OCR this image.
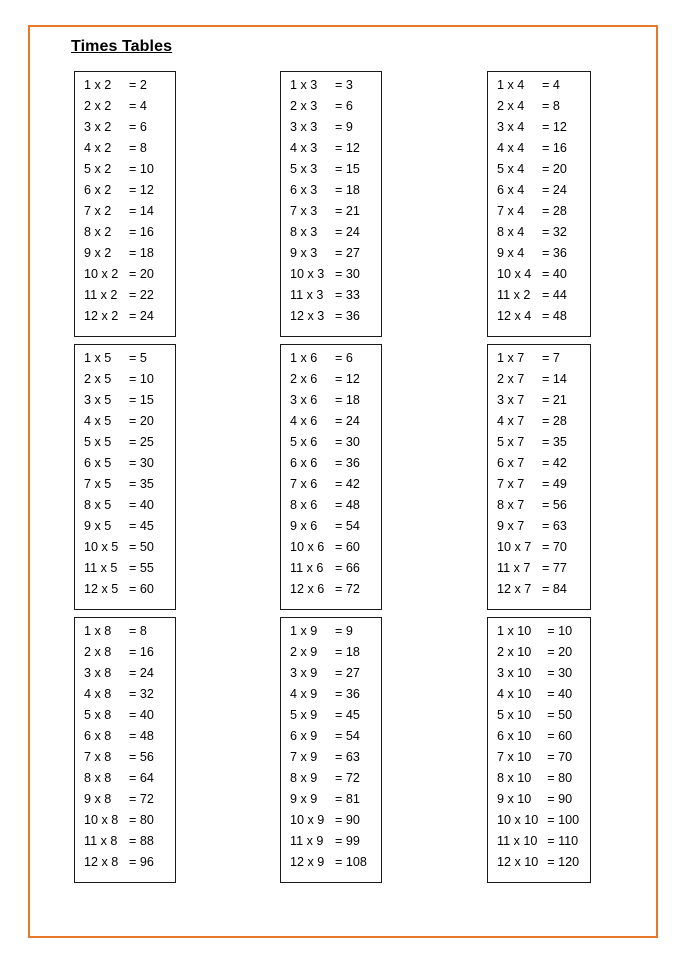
Times Tables
1 x 2	= 2
2 x 2	= 4
3 x 2	= 6
4 x 2	= 8
5 x 2	= 10
6 x 2	= 12
7 x 2	= 14
8 x 2	= 16
9 x 2	= 18
10 x 2 = 20
11 x 2 = 22
12 x 2 = 24
1 x 3	= 3
2 x 3	= 6
3 x 3	= 9
4 x 3	= 12
5 x 3	= 15
6 x 3	= 18
7 x 3	= 21
8 x 3	= 24
9 x 3	= 27
10 x 3 = 30
11 x 3 = 33
12 x 3 = 36
1 x 4	= 4
2 x 4	= 8
3 x 4	= 12
4 x 4	= 16
5 x 4	= 20
6 x 4	= 24
7 x 4	= 28
8 x 4	= 32
9 x 4	= 36
10 x 4 = 40
11 x 2 = 44
12 x 4 = 48
1 x 5	= 5
2 x 5	= 10
3 x 5	= 15
4 x 5	= 20
5 x 5	= 25
6 x 5	= 30
7 x 5	= 35
8 x 5	= 40
9 x 5	= 45
10 x 5 = 50
11 x 5 = 55
12 x 5 = 60
1 x 6	= 6
2 x 6	= 12
3 x 6	= 18
4 x 6	= 24
5 x 6	= 30
6 x 6	= 36
7 x 6	= 42
8 x 6	= 48
9 x 6	= 54
10 x 6 = 60
11 x 6 = 66
12 x 6 = 72
1 x 7	= 7
2 x 7	= 14
3 x 7	= 21
4 x 7	= 28
5 x 7	= 35
6 x 7	= 42
7 x 7	= 49
8 x 7	= 56
9 x 7	= 63
10 x 7 = 70
11 x 7 = 77
12 x 7 = 84
1 x 8	= 8
2 x 8	= 16
3 x 8	= 24
4 x 8	= 32
5 x 8	= 40
6 x 8	= 48
7 x 8	= 56
8 x 8	= 64
9 x 8	= 72
10 x 8 = 80
11 x 8 = 88
12 x 8 = 96
1 x 9	= 9
2 x 9	= 18
3 x 9	= 27
4 x 9	= 36
5 x 9	= 45
6 x 9	= 54
7 x 9	= 63
8 x 9	= 72
9 x 9	= 81
10 x 9 = 90
11 x 9 = 99
12 x 9 = 108
1 x 10	= 10
2 x 10	= 20
3 x 10	= 30
4 x 10	= 40
5 x 10	= 50
6 x 10	= 60
7 x 10	= 70
8 x 10	= 80
9 x 10	= 90
10 x 10 = 100
11 x 10 = 110
12 x 10 = 120
